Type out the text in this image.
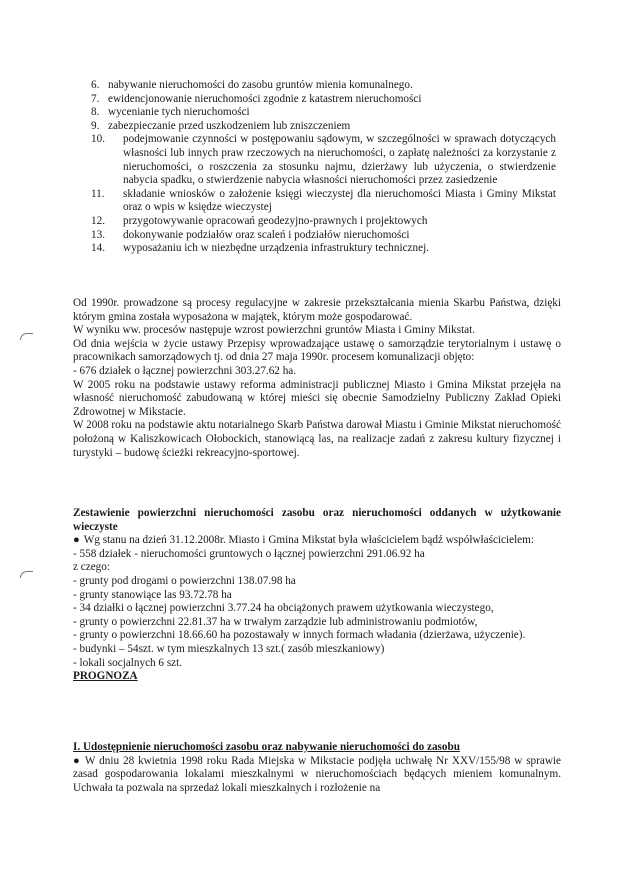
6. nabywanie nieruchomości do zasobu gruntów mienia komunalnego.
7. ewidencjonowanie nieruchomości zgodnie z katastrem nieruchomości
8. wycenianie tych nieruchomości
9. zabezpieczanie przed uszkodzeniem lub zniszczeniem
10. podejmowanie czynności w postępowaniu sądowym, w szczególności w sprawach dotyczących własności lub innych praw rzeczowych na nieruchomości, o zapłatę należności za korzystanie z nieruchomości, o roszczenia za stosunku najmu, dzierżawy lub użyczenia, o stwierdzenie nabycia spadku, o stwierdzenie nabycia własności nieruchomości przez zasiedzenie
11. składanie wniosków o założenie księgi wieczystej dla nieruchomości Miasta i Gminy Mikstat oraz o wpis w księdze wieczystej
12. przygotowywanie opracowań geodezyjno-prawnych i projektowych
13. dokonywanie podziałów oraz scaleń i podziałów nieruchomości
14. wyposażaniu ich w niezbędne urządzenia infrastruktury technicznej.

Od 1990r. prowadzone są procesy regulacyjne w zakresie przekształcania mienia Skarbu Państwa, dzięki którym gmina została wyposażona w majątek, którym może gospodarować.

W wyniku ww. procesów następuje wzrost powierzchni gruntów Miasta i Gminy Mikstat.

Od dnia wejścia w życie ustawy Przepisy wprowadzające ustawę o samorządzie terytorialnym i ustawę o pracownikach samorządowych tj. od dnia 27 maja 1990r. procesem komunalizacji objęto:

- 676 działek o łącznej powierzchni 303.27.62 ha.

W 2005 roku na podstawie ustawy reforma administracji publicznej Miasto i Gmina Mikstat przejęła na własność nieruchomość zabudowaną w której mieści się obecnie Samodzielny Publiczny Zakład Opieki Zdrowotnej w Mikstacie.

W 2008 roku na podstawie aktu notarialnego Skarb Państwa darował Miastu i Gminie Mikstat nieruchomość położoną w Kaliszkowicach Ołobockich, stanowiącą las, na realizacje zadań z zakresu kultury fizycznej i turystyki – budowę ścieżki rekreacyjno-sportowej.

Zestawienie powierzchni nieruchomości zasobu oraz nieruchomości oddanych w użytkowanie wieczyste

● Wg stanu na dzień 31.12.2008r. Miasto i Gmina Mikstat była właścicielem bądź współwłaścicielem:

- 558 działek - nieruchomości gruntowych o łącznej powierzchni 291.06.92 ha

z czego:

- grunty pod drogami o powierzchni 138.07.98 ha

- grunty stanowiące las 93.72.78 ha

- 34 działki o łącznej powierzchni 3.77.24 ha obciążonych prawem użytkowania wieczystego,

- grunty o powierzchni 22.81.37 ha w trwałym zarządzie lub administrowaniu podmiotów,

- grunty o powierzchni 18.66.60 ha pozostawały w innych formach władania (dzierżawa, użyczenie).

- budynki – 54szt. w tym mieszkalnych 13 szt.( zasób mieszkaniowy)

- lokali socjalnych 6 szt.

PROGNOZA

I. Udostępnienie nieruchomości zasobu oraz nabywanie nieruchomości do zasobu

● W dniu 28 kwietnia 1998 roku Rada Miejska w Mikstacie podjęła uchwałę Nr XXV/155/98 w sprawie zasad gospodarowania lokalami mieszkalnymi w nieruchomościach będących mieniem komunalnym. Uchwała ta pozwala na sprzedaż lokali mieszkalnych i rozłożenie na
